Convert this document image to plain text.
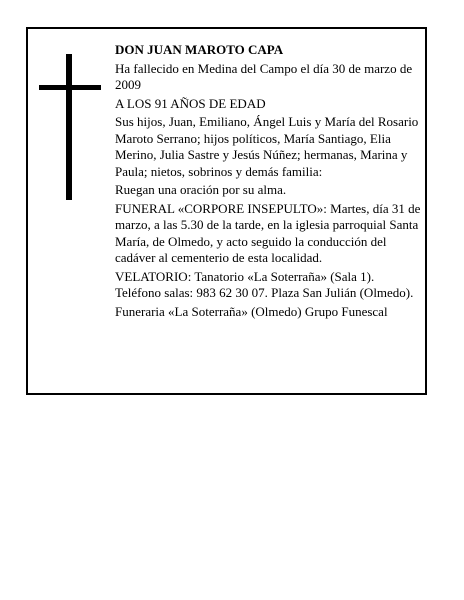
DON JUAN MAROTO CAPA

Ha fallecido en Medina del Campo el día 30 de marzo de 2009

A LOS 91 AÑOS DE EDAD

Sus hijos, Juan, Emiliano, Ángel Luis y María del Rosario Maroto Serrano; hijos políticos, María Santiago, Elia Merino, Julia Sastre y Jesús Núñez; hermanas, Marina y Paula; nietos, sobrinos y demás familia:

Ruegan una oración por su alma.

FUNERAL «CORPORE INSEPULTO»: Martes, día 31 de marzo, a las 5.30 de la tarde, en la iglesia parroquial Santa María, de Olmedo, y acto seguido la conducción del cadáver al cementerio de esta localidad.

VELATORIO: Tanatorio «La Soterraña» (Sala 1). Teléfono salas: 983 62 30 07. Plaza San Julián (Olmedo).

Funeraria «La Soterraña» (Olmedo) Grupo Funescal
